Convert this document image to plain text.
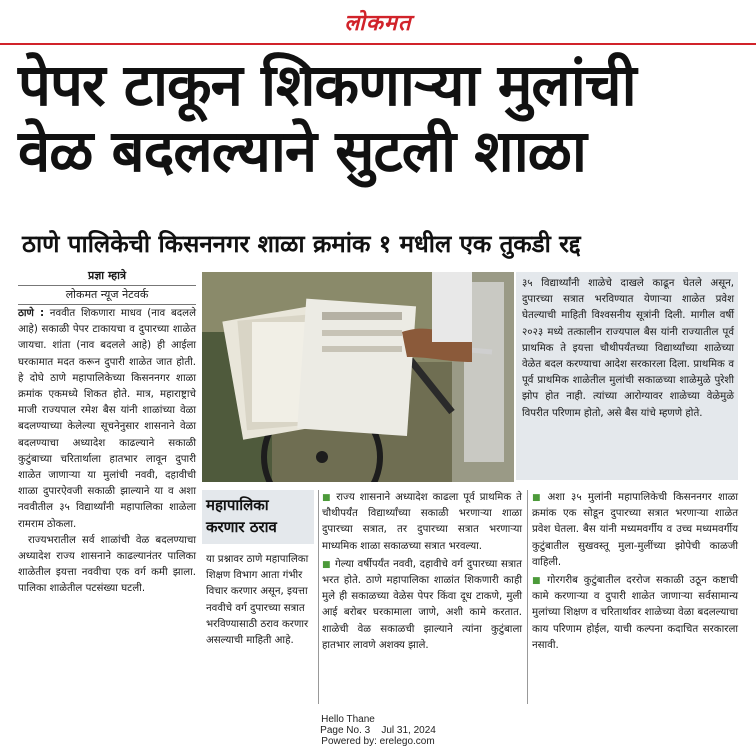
लोकमत
पेपर टाकून शिकणाऱ्या मुलांची
वेळ बदलल्याने सुटली शाळा
ठाणे पालिकेची किसननगर शाळा क्रमांक १ मधील एक तुकडी रद्द
प्रज्ञा म्हात्रे
लोकमत न्यूज नेटवर्क

ठाणे : नववीत शिकणारा माधव (नाव बदलले आहे) सकाळी पेपर टाकायचा व दुपारच्या शाळेत जायचा. शांता (नाव बदलले आहे) ही आईला घरकामात मदत करून दुपारी शाळेत जात होती. हे दोघे ठाणे महापालिकेच्या किसननगर शाळा क्रमांक एकमध्ये शिकत होते. मात्र, महाराष्ट्राचे माजी राज्यपाल रमेश बैस यांनी शाळांच्या वेळा बदलण्याच्या केलेल्या सूचनेनुसार शासनाने वेळा बदलण्याचा अध्यादेश काढल्याने सकाळी कुटुंबाच्या चरितार्थाला हातभार लावून दुपारी शाळेत जाणाऱ्या या मुलांची नववी, दहावीची शाळा दुपारऐवजी सकाळी झाल्याने या व अशा नववीतील ३५ विद्यार्थ्यांनी महापालिका शाळेला रामराम ठोकला.

राज्यभरातील सर्व शाळांची वेळ बदलण्याचा अध्यादेश राज्य शासनाने काढल्यानंतर पालिका शाळेतील इयत्ता नववीचा एक वर्ग कमी झाला. पालिका शाळेतील पटसंख्या घटली.

३५ विद्यार्थ्यांनी शाळेचे दाखले काढून घेतले असून, दुपारच्या सत्रात भरविण्यात येणाऱ्या शाळेत प्रवेश घेतल्याची माहिती विश्वसनीय सूत्रांनी दिली. मागील वर्षी २०२३ मध्ये तत्कालीन राज्यपाल बैस यांनी राज्यातील पूर्व प्राथमिक ते इयत्ता चौथीपर्यंतच्या विद्यार्थ्यांच्या शाळेच्या वेळेत बदल करण्याचा आदेश सरकारला दिला. प्राथमिक व पूर्व प्राथमिक शाळेतील मुलांची सकाळच्या शाळेमुळे पुरेशी झोप होत नाही. त्यांच्या आरोग्यावर शाळेच्या वेळेमुळे विपरीत परिणाम होतो, असे बैस यांचे म्हणणे होते.
महापालिका
करणार ठराव
या प्रश्नावर ठाणे महापालिका शिक्षण विभाग आता गंभीर विचार करणार असून, इयत्ता नववीचे वर्ग दुपारच्या सत्रात भरविण्यासाठी ठराव करणार असल्याची माहिती आहे.

■ राज्य शासनाने अध्यादेश काढला पूर्व प्राथमिक ते चौथीपर्यंत विद्यार्थ्यांच्या सकाळी भरणाऱ्या शाळा दुपारच्या सत्रात, तर दुपारच्या सत्रात भरणाऱ्या माध्यमिक शाळा सकाळच्या सत्रात भरवल्या.

■ गेल्या वर्षीपर्यंत नववी, दहावीचे वर्ग दुपारच्या सत्रात भरत होते. ठाणे महापालिका शाळांत शिकणारी काही मुले ही सकाळच्या वेळेस पेपर किंवा दूध टाकणे, मुली आई बरोबर घरकामाला जाणे, अशी कामे करतात. शाळेची वेळ सकाळची झाल्याने त्यांना कुटुंबाला हातभार लावणे अशक्य झाले.

■ अशा ३५ मुलांनी महापालिकेची किसननगर शाळा क्रमांक एक सोडून दुपारच्या सत्रात भरणाऱ्या शाळेत प्रवेश घेतला. बैस यांनी मध्यमवर्गीय व उच्च मध्यमवर्गीय कुटुंबातील सुखवस्तू मुला-मुलींच्या झोपेची काळजी वाहिली.

■ गोरगरीब कुटुंबातील दररोज सकाळी उठून कष्टाची कामे करणाऱ्या व दुपारी शाळेत जाणाऱ्या सर्वसामान्य मुलांच्या शिक्षण व चरितार्थावर शाळेच्या वेळा बदलल्याचा काय परिणाम होईल, याची कल्पना कदाचित सरकारला नसावी.

Hello Thane
Page No. 3 Jul 31, 2024
Powered by: erelego.com
